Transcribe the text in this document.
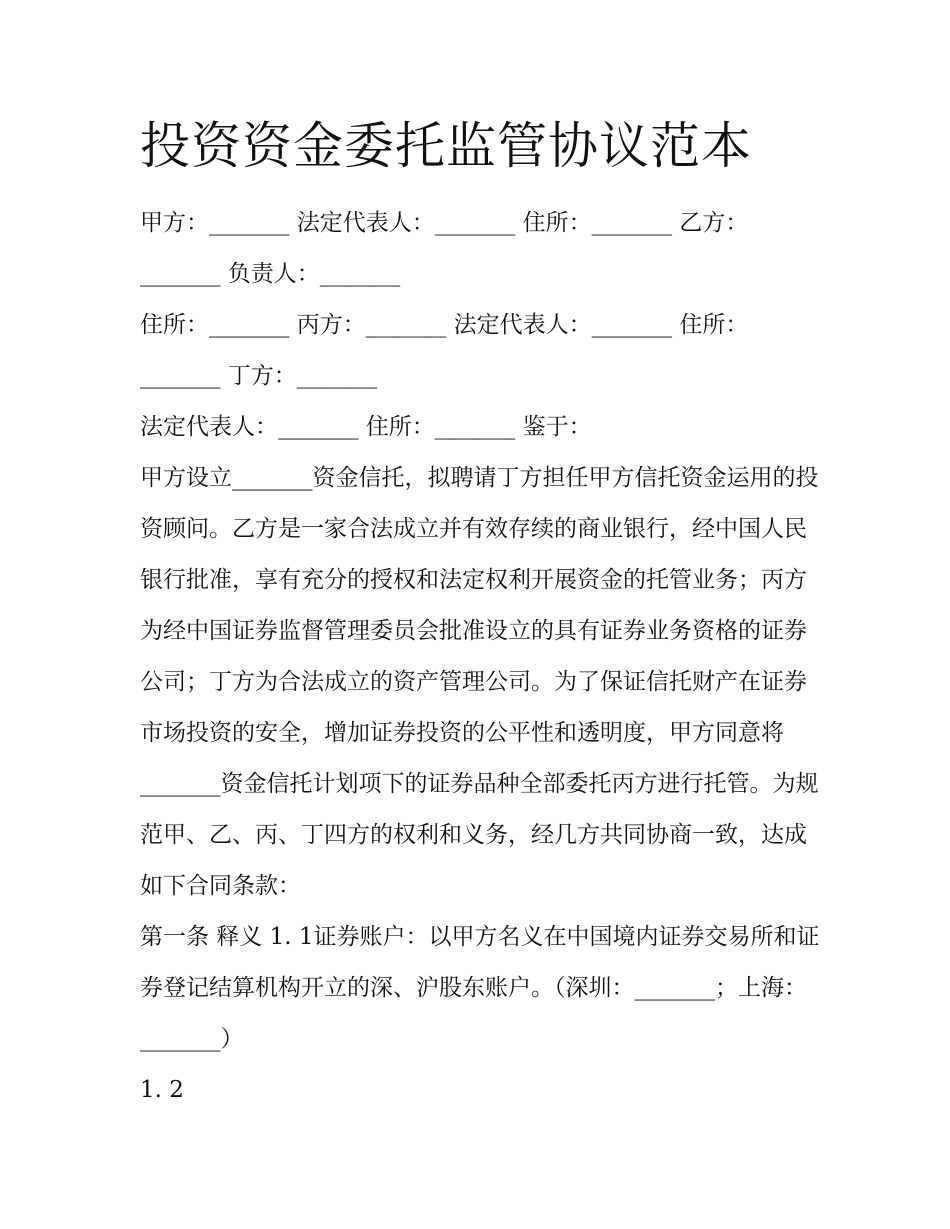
投资资金委托监管协议范本

甲方：_______ 法定代表人：_______ 住所：_______ 乙方：_______ 负责人：_______

住所：_______ 丙方：_______ 法定代表人：_______ 住所：_______ 丁方：_______

法定代表人：_______ 住所：_______ 鉴于：

甲方设立_______资金信托，拟聘请丁方担任甲方信托资金运用的投资顾问。乙方是一家合法成立并有效存续的商业银行，经中国人民银行批准，享有充分的授权和法定权利开展资金的托管业务；丙方为经中国证券监督管理委员会批准设立的具有证券业务资格的证券公司；丁方为合法成立的资产管理公司。为了保证信托财产在证券市场投资的安全，增加证券投资的公平性和透明度，甲方同意将_______资金信托计划项下的证券品种全部委托丙方进行托管。为规范甲、乙、丙、丁四方的权利和义务，经几方共同协商一致，达成如下合同条款：

第一条 释义 1. 1证券账户：以甲方名义在中国境内证券交易所和证券登记结算机构开立的深、沪股东账户。（深圳：_______；上海：_______）

1. 2
